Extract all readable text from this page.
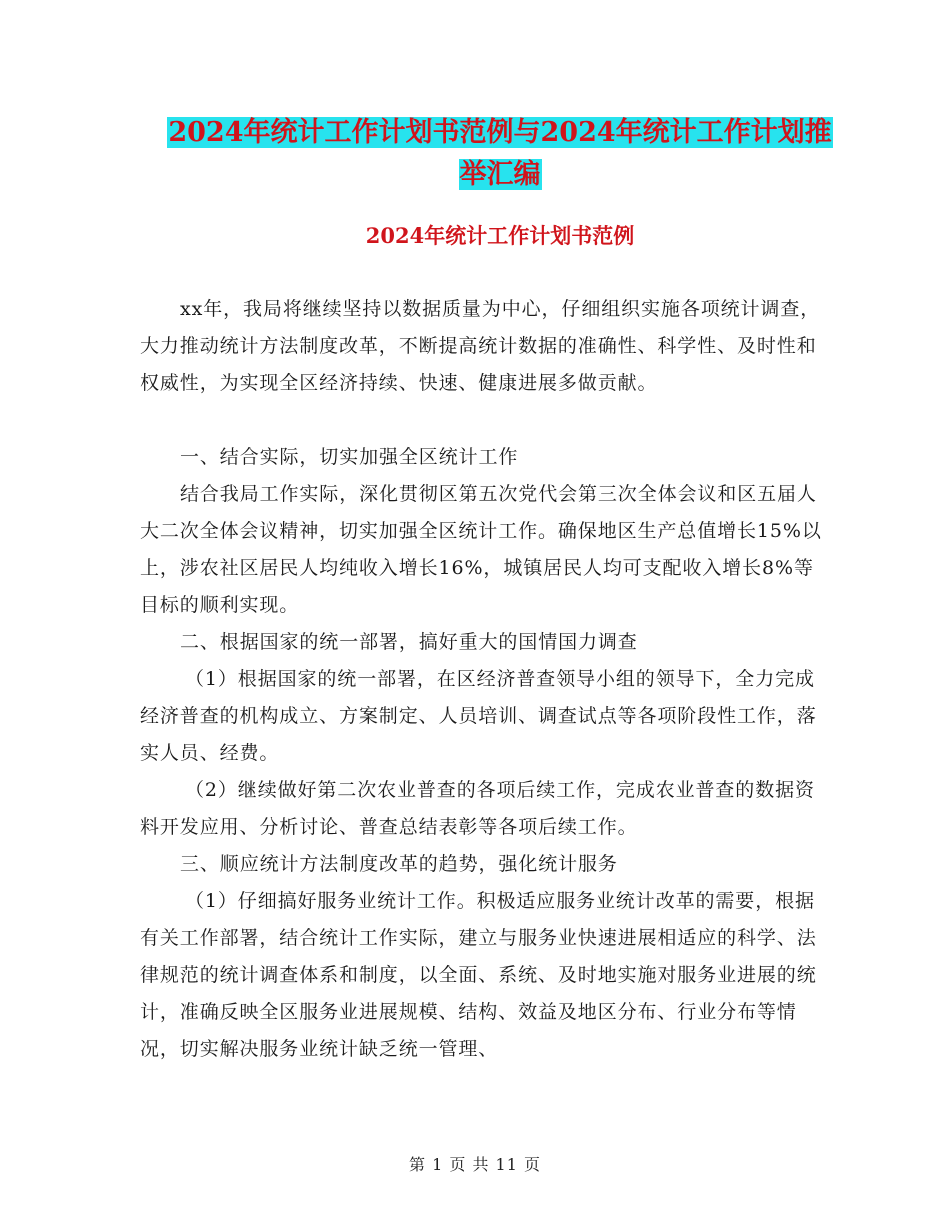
2024年统计工作计划书范例与2024年统计工作计划推
举汇编
2024年统计工作计划书范例

xx年，我局将继续坚持以数据质量为中心，仔细组织实施各项统计调查，大力推动统计方法制度改革，不断提高统计数据的准确性、科学性、及时性和权威性，为实现全区经济持续、快速、健康进展多做贡献。

一、结合实际，切实加强全区统计工作

结合我局工作实际，深化贯彻区第五次党代会第三次全体会议和区五届人大二次全体会议精神，切实加强全区统计工作。确保地区生产总值增长15%以上，涉农社区居民人均纯收入增长16%，城镇居民人均可支配收入增长8%等目标的顺利实现。

二、根据国家的统一部署，搞好重大的国情国力调查

（1）根据国家的统一部署，在区经济普查领导小组的领导下，全力完成经济普查的机构成立、方案制定、人员培训、调查试点等各项阶段性工作，落实人员、经费。

（2）继续做好第二次农业普查的各项后续工作，完成农业普查的数据资料开发应用、分析讨论、普查总结表彰等各项后续工作。

三、顺应统计方法制度改革的趋势，强化统计服务

（1）仔细搞好服务业统计工作。积极适应服务业统计改革的需要，根据有关工作部署，结合统计工作实际，建立与服务业快速进展相适应的科学、法律规范的统计调查体系和制度，以全面、系统、及时地实施对服务业进展的统计，准确反映全区服务业进展规模、结构、效益及地区分布、行业分布等情况，切实解决服务业统计缺乏统一管理、

第 1 页 共 11 页
